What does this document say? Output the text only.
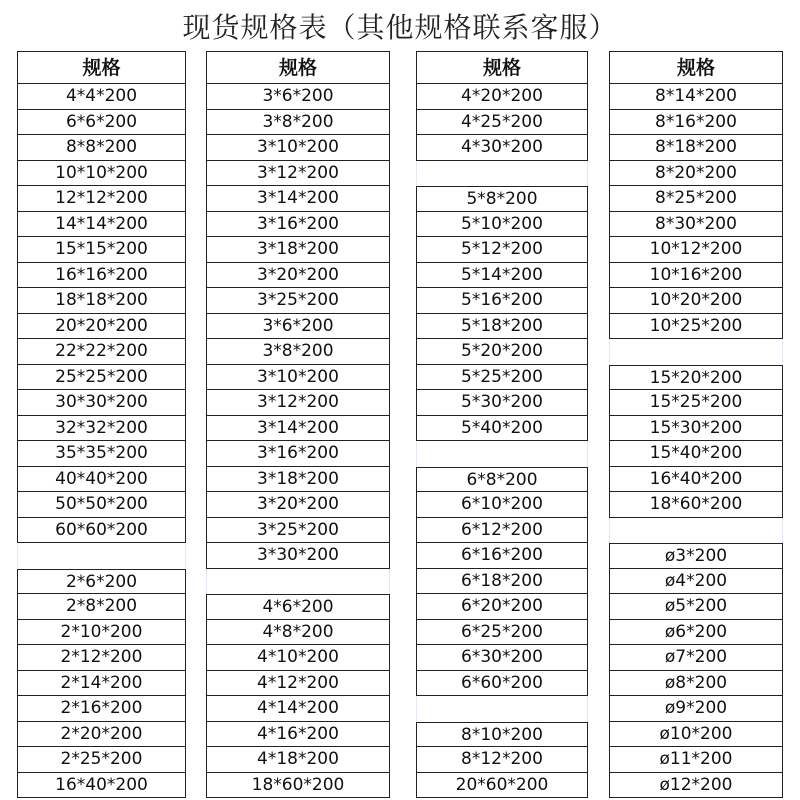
现货规格表（其他规格联系客服）
规格
4*4*200
6*6*200
8*8*200
10*10*200
12*12*200
14*14*200
15*15*200
16*16*200
18*18*200
20*20*200
22*22*200
25*25*200
30*30*200
32*32*200
35*35*200
40*40*200
50*50*200
60*60*200
2*6*200
2*8*200
2*10*200
2*12*200
2*14*200
2*16*200
2*20*200
2*25*200
16*40*200
规格
3*6*200
3*8*200
3*10*200
3*12*200
3*14*200
3*16*200
3*18*200
3*20*200
3*25*200
3*6*200
3*8*200
3*10*200
3*12*200
3*14*200
3*16*200
3*18*200
3*20*200
3*25*200
3*30*200
4*6*200
4*8*200
4*10*200
4*12*200
4*14*200
4*16*200
4*18*200
18*60*200
规格
4*20*200
4*25*200
4*30*200
5*8*200
5*10*200
5*12*200
5*14*200
5*16*200
5*18*200
5*20*200
5*25*200
5*30*200
5*40*200
6*8*200
6*10*200
6*12*200
6*16*200
6*18*200
6*20*200
6*25*200
6*30*200
6*60*200
8*10*200
8*12*200
20*60*200
规格
8*14*200
8*16*200
8*18*200
8*20*200
8*25*200
8*30*200
10*12*200
10*16*200
10*20*200
10*25*200
15*20*200
15*25*200
15*30*200
15*40*200
16*40*200
18*60*200
ø3*200
ø4*200
ø5*200
ø6*200
ø7*200
ø8*200
ø9*200
ø10*200
ø11*200
ø12*200
